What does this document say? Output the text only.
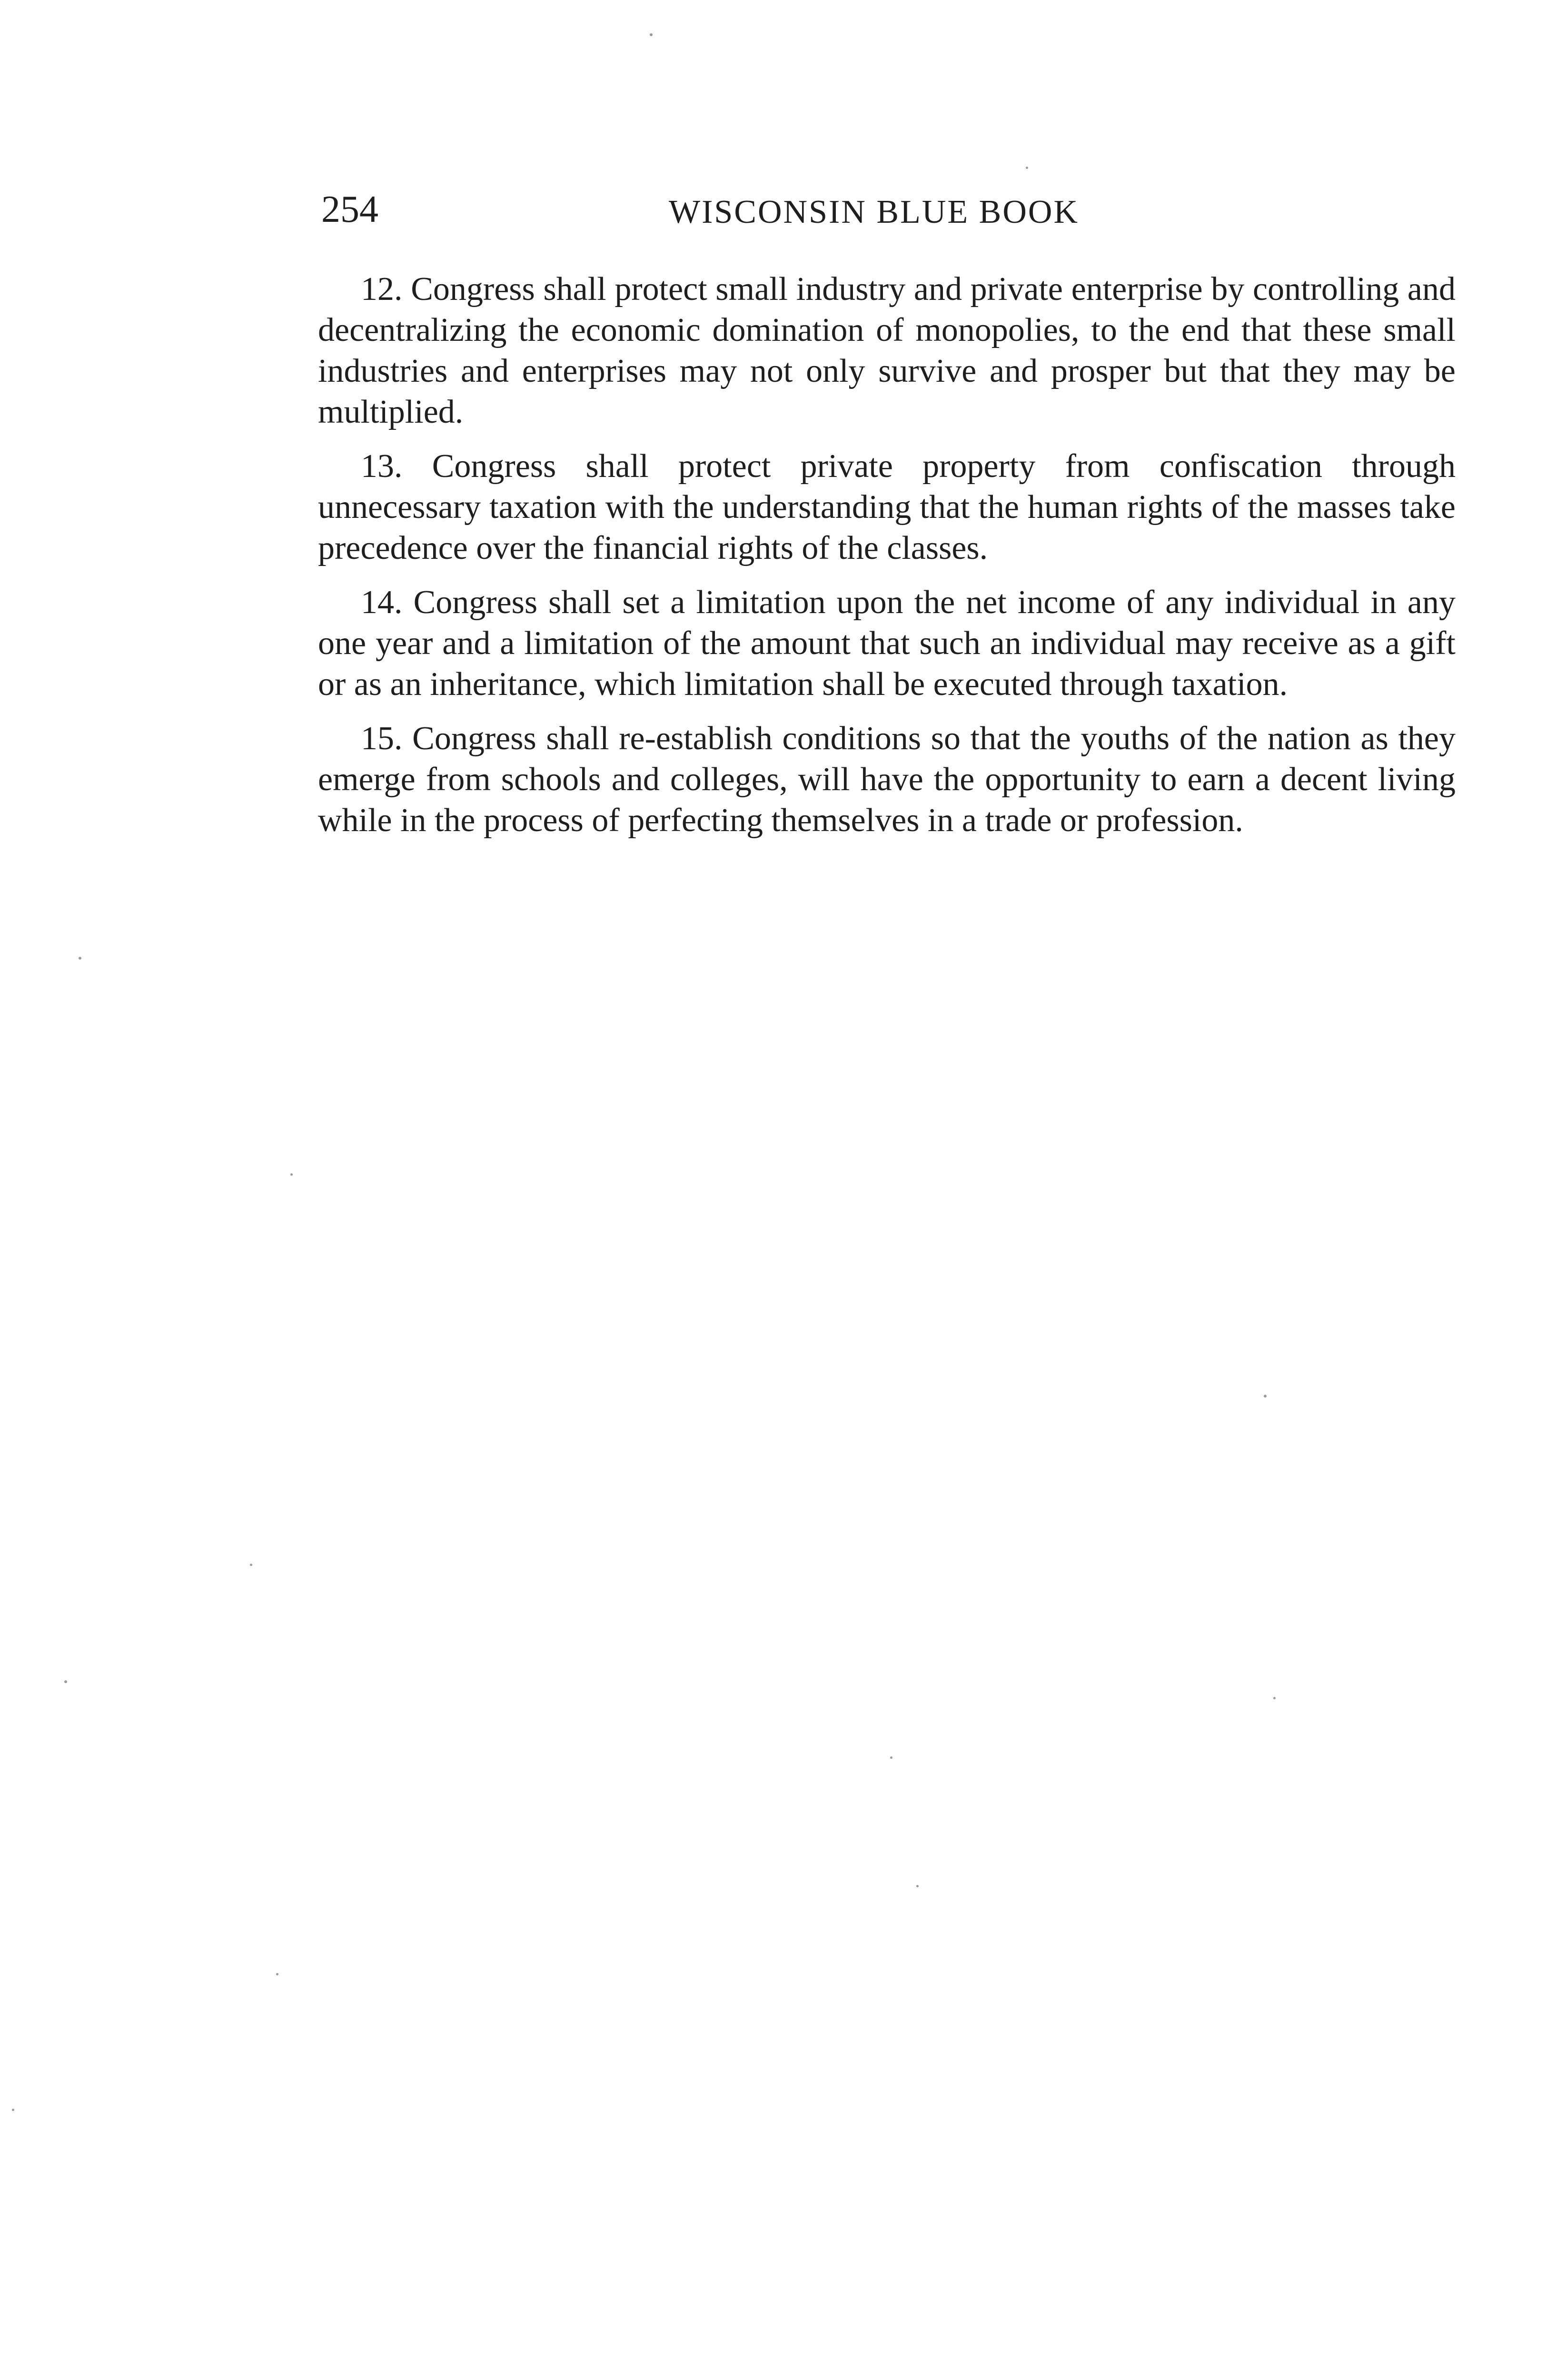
254	WISCONSIN BLUE BOOK

12. Congress shall protect small industry and private enterprise by controlling and decentralizing the economic domination of monopolies, to the end that these small industries and enterprises may not only survive and prosper but that they may be multiplied.

13. Congress shall protect private property from confiscation through unnecessary taxation with the understanding that the human rights of the masses take precedence over the financial rights of the classes.

14. Congress shall set a limitation upon the net income of any individual in any one year and a limitation of the amount that such an individual may receive as a gift or as an inheritance, which limitation shall be executed through taxation.

15. Congress shall re-establish conditions so that the youths of the nation as they emerge from schools and colleges, will have the opportunity to earn a decent living while in the process of perfecting themselves in a trade or profession.
